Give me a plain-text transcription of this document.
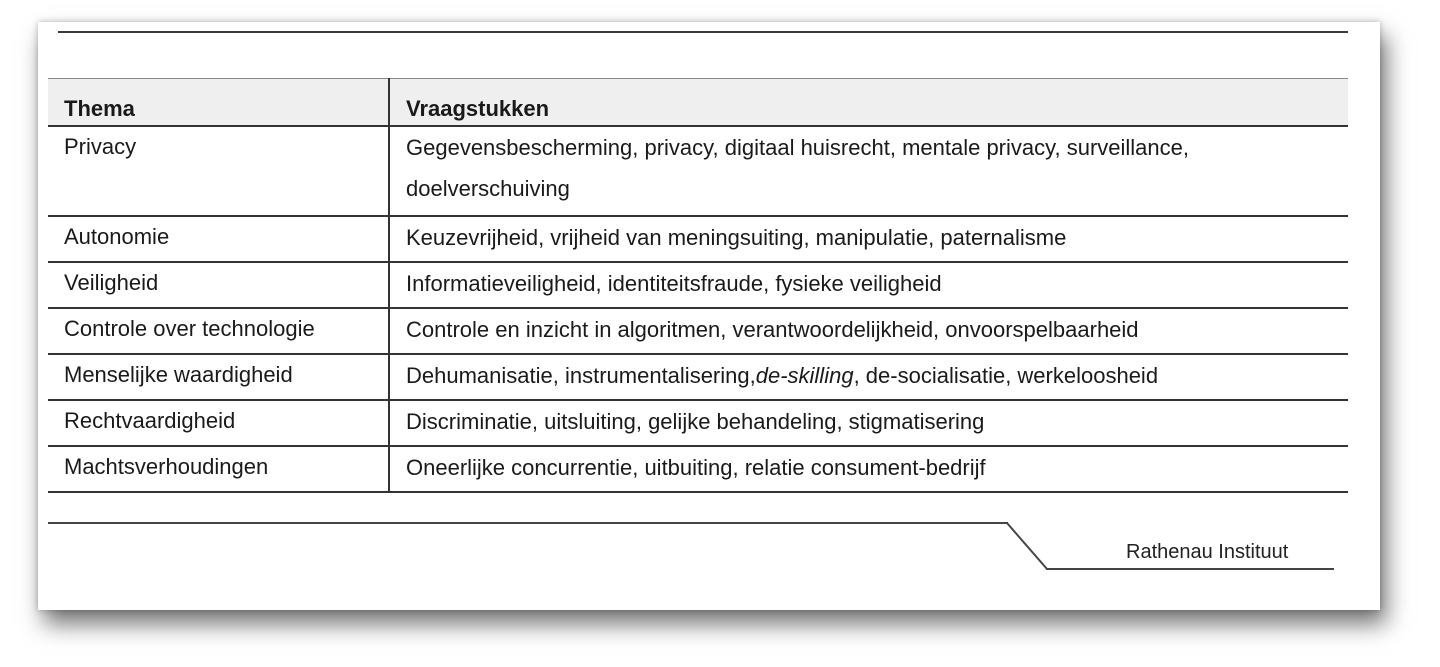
Thema	Vraagstukken
Privacy	Gegevensbescherming, privacy, digitaal huisrecht, mentale privacy, surveillance, doelverschuiving
Autonomie	Keuzevrijheid, vrijheid van meningsuiting, manipulatie, paternalisme
Veiligheid	Informatieveiligheid, identiteitsfraude, fysieke veiligheid
Controle over technologie	Controle en inzicht in algoritmen, verantwoordelijkheid, onvoorspelbaarheid
Menselijke waardigheid	Dehumanisatie, instrumentalisering,de-skilling, de-socialisatie, werkeloosheid
Rechtvaardigheid	Discriminatie, uitsluiting, gelijke behandeling, stigmatisering
Machtsverhoudingen	Oneerlijke concurrentie, uitbuiting, relatie consument-bedrijf
Rathenau Instituut
